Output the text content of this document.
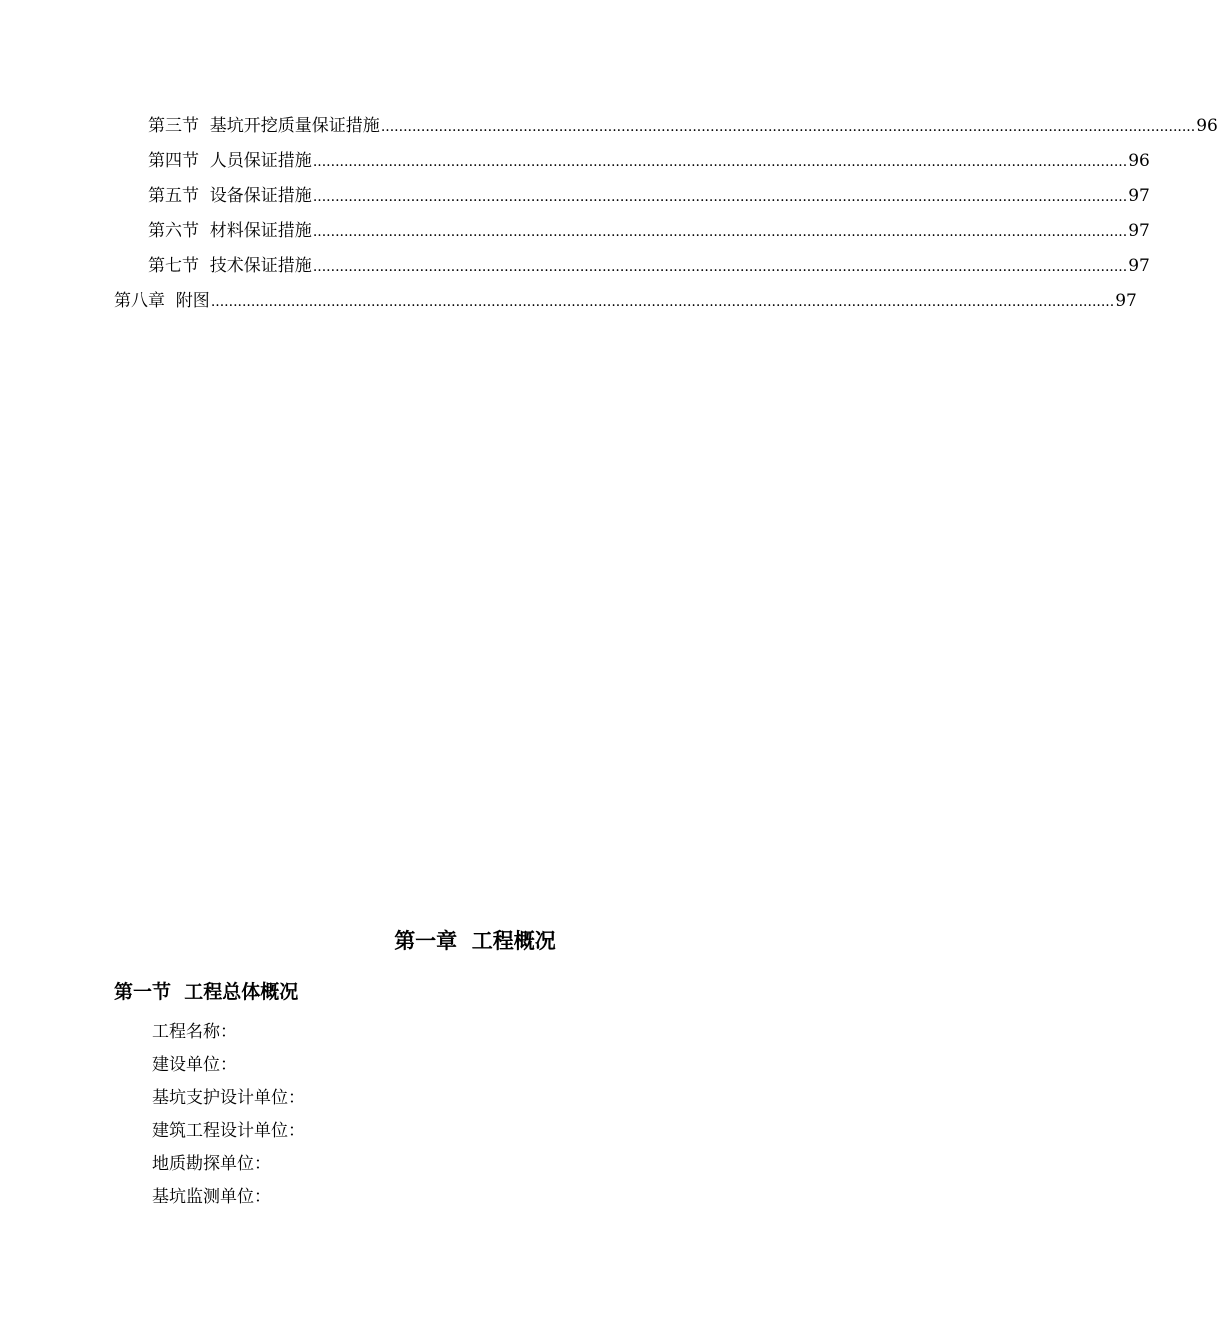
第三节  基坑开挖质量保证措施 ....................................................................................................................................................................................... 96
第四节  人员保证措施 ....................................................................................................................................................................................... 96
第五节  设备保证措施 ....................................................................................................................................................................................... 97
第六节  材料保证措施 ....................................................................................................................................................................................... 97
第七节  技术保证措施 ....................................................................................................................................................................................... 97
第八章  附图 ........................................................................................................................................................................................................... 97
第一章  工程概况
第一节  工程总体概况
工程名称：
建设单位：
基坑支护设计单位：
建筑工程设计单位：
地质勘探单位：
基坑监测单位：
